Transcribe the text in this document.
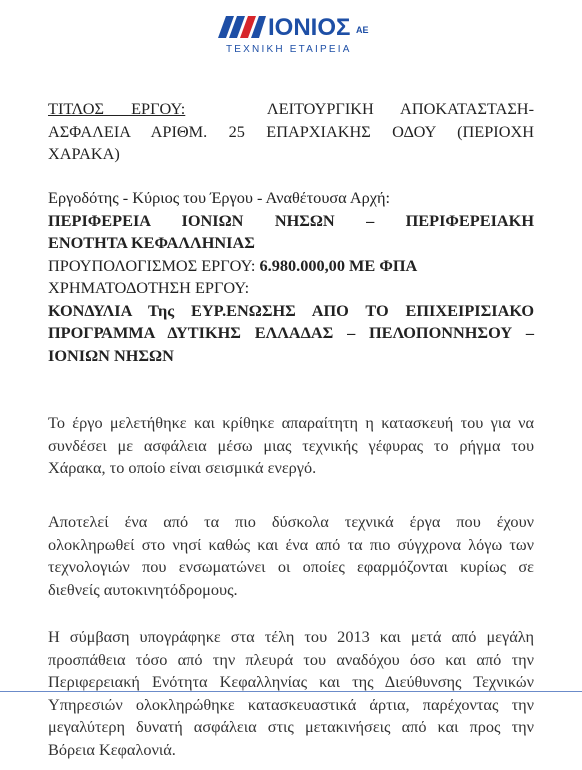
ΙΟΝΙΟΣ ΑΕ
ΤΕΧΝΙΚΗ ΕΤΑΙΡΕΙΑ
ΤΙΤΛΟΣ ΕΡΓΟΥ:	ΛΕΙΤΟΥΡΓΙΚΗ ΑΠΟΚΑΤΑΣΤΑΣΗ-
ΑΣΦΑΛΕΙΑ ΑΡΙΘΜ. 25 ΕΠΑΡΧΙΑΚΗΣ ΟΔΟΥ (ΠΕΡΙΟΧΗ
ΧΑΡΑΚΑ)
Εργοδότης - Κύριος του Έργου - Αναθέτουσα Αρχή:
ΠΕΡΙΦΕΡΕΙΑ ΙΟΝΙΩΝ ΝΗΣΩΝ – ΠΕΡΙΦΕΡΕΙΑΚΗ
ΕΝΟΤΗΤΑ ΚΕΦΑΛΛΗΝΙΑΣ
ΠΡΟΥΠΟΛΟΓΙΣΜΟΣ ΕΡΓΟΥ: 6.980.000,00 ΜΕ ΦΠΑ
ΧΡΗΜΑΤΟΔΟΤΗΣΗ ΕΡΓΟΥ:
ΚΟΝΔΥΛΙΑ Της ΕΥΡ.ΕΝΩΣΗΣ ΑΠΟ ΤΟ ΕΠΙΧΕΙΡΙΣΙΑΚΟ
ΠΡΟΓΡΑΜΜΑ ΔΥΤΙΚΗΣ ΕΛΛΑΔΑΣ – ΠΕΛΟΠΟΝΝΗΣΟΥ –
ΙΟΝΙΩΝ ΝΗΣΩΝ
Το έργο μελετήθηκε και κρίθηκε απαραίτητη η κατασκευή του για να
συνδέσει με ασφάλεια μέσω μιας τεχνικής γέφυρας το ρήγμα του
Χάρακα, το οποίο είναι σεισμικά ενεργό.
Αποτελεί ένα από τα πιο δύσκολα τεχνικά έργα που έχουν
ολοκληρωθεί στο νησί καθώς και ένα από τα πιο σύγχρονα λόγω των
τεχνολογιών που ενσωματώνει οι οποίες εφαρμόζονται κυρίως σε
διεθνείς αυτοκινητόδρομους.
Η σύμβαση υπογράφηκε στα τέλη του 2013 και μετά από μεγάλη
προσπάθεια τόσο από την πλευρά του αναδόχου όσο και από την
Περιφερειακή Ενότητα Κεφαλληνίας και της Διεύθυνσης Τεχνικών
Υπηρεσιών ολοκληρώθηκε κατασκευαστικά άρτια, παρέχοντας την
μεγαλύτερη δυνατή ασφάλεια στις μετακινήσεις από και προς την
Βόρεια Κεφαλονιά.
